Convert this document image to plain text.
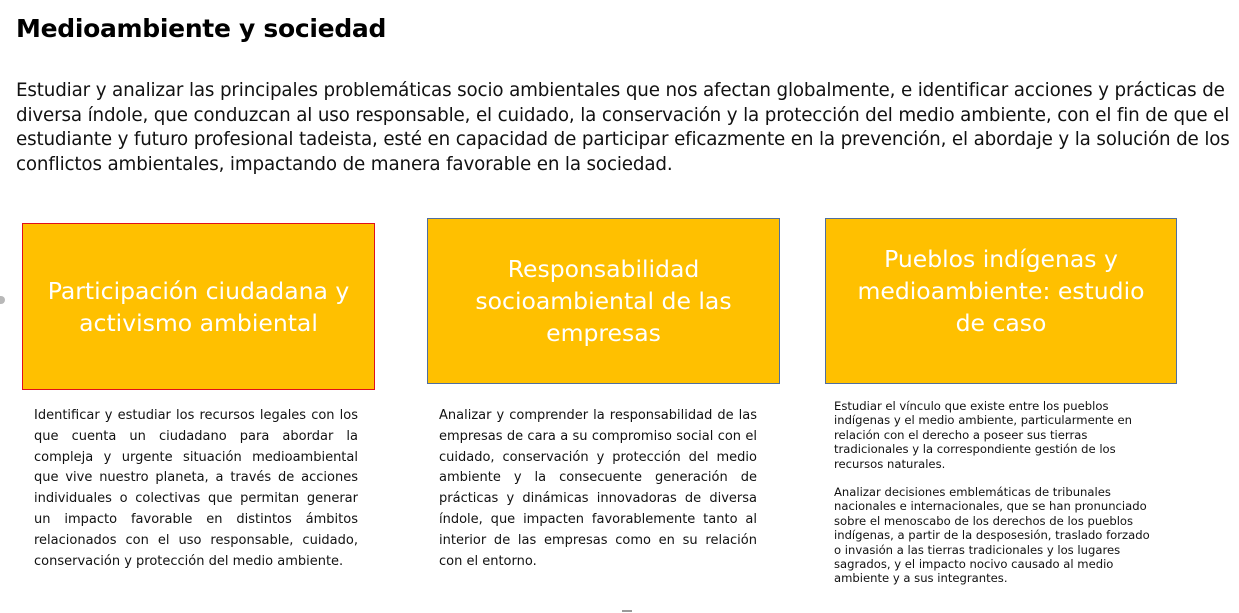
Medioambiente y sociedad

Estudiar y analizar las principales problemáticas socio ambientales que nos afectan globalmente, e identificar acciones y prácticas de diversa índole, que conduzcan al uso responsable, el cuidado, la conservación y la protección del medio ambiente, con el fin de que el estudiante y futuro profesional tadeista, esté en capacidad de participar eficazmente en la prevención, el abordaje y la solución de los conflictos ambientales, impactando de manera favorable en la sociedad.

Participación ciudadana y activismo ambiental
Responsabilidad socioambiental de las empresas
Pueblos indígenas y medioambiente: estudio de caso

Identificar y estudiar los recursos legales con los que cuenta un ciudadano para abordar la compleja y urgente situación medioambiental que vive nuestro planeta, a través de acciones individuales o colectivas que permitan generar un impacto favorable en distintos ámbitos relacionados con el uso responsable, cuidado, conservación y protección del medio ambiente.

Analizar y comprender la responsabilidad de las empresas de cara a su compromiso social con el cuidado, conservación y protección del medio ambiente y la consecuente generación de prácticas y dinámicas innovadoras de diversa índole, que impacten favorablemente tanto al interior de las empresas como en su relación con el entorno.

Estudiar el vínculo que existe entre los pueblos indígenas y el medio ambiente, particularmente en relación con el derecho a poseer sus tierras tradicionales y la correspondiente gestión de los recursos naturales.

Analizar decisiones emblemáticas de tribunales nacionales e internacionales, que se han pronunciado sobre el menoscabo de los derechos de los pueblos indígenas, a partir de la desposesión, traslado forzado o invasión a las tierras tradicionales y los lugares sagrados, y el impacto nocivo causado al medio ambiente y a sus integrantes.
